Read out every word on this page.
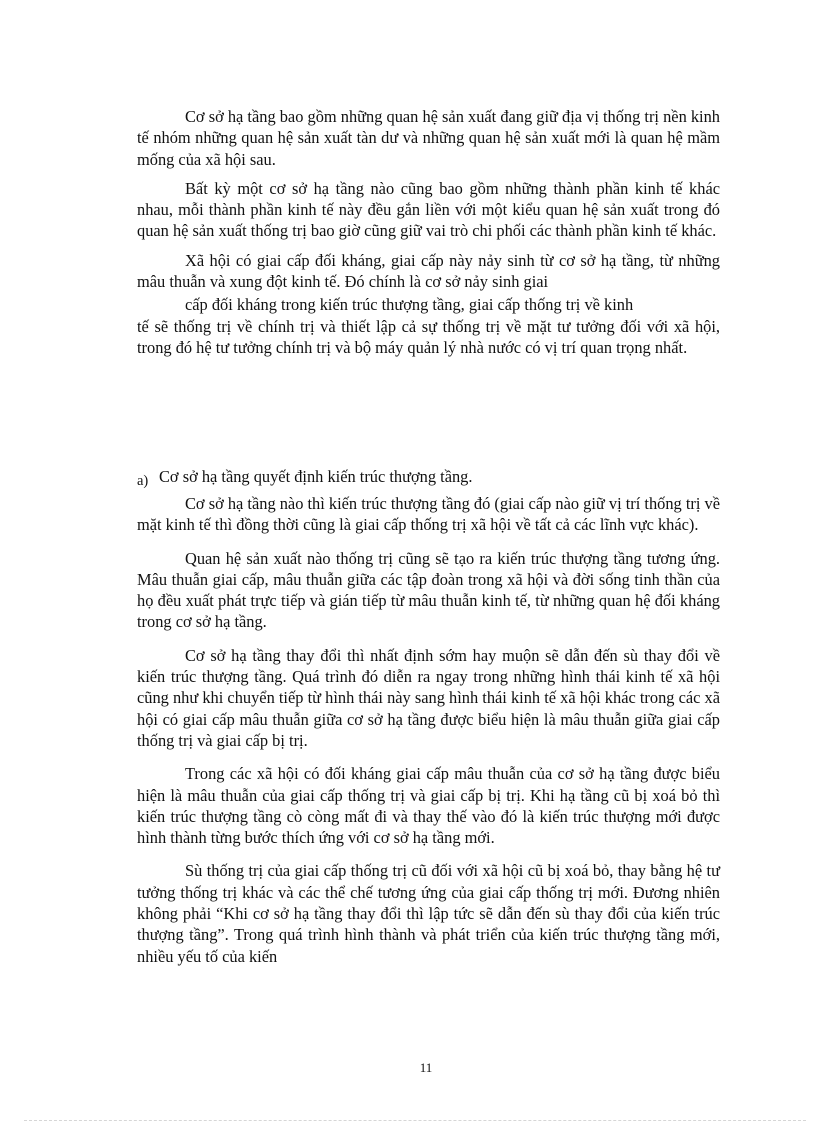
Cơ sở hạ tầng bao gồm những quan hệ sản xuất đang giữ địa vị thống trị nền kinh tế nhóm những quan hệ sản xuất tàn dư và những quan hệ sản xuất mới là quan hệ mầm mống của xã hội sau.

Bất kỳ một cơ sở hạ tầng nào cũng bao gồm những thành phần kinh tế khác nhau, mỗi thành phần kinh tế này đều gắn liền với một kiểu quan hệ sản xuất trong đó quan hệ sản xuất thống trị bao giờ cũng giữ vai trò chi phối các thành phần kinh tế khác.

Xã hội có giai cấp đối kháng, giai cấp này nảy sinh từ cơ sở hạ tầng, từ những mâu thuẫn và xung đột kinh tế. Đó chính là cơ sở nảy sinh giai

cấp đối kháng trong kiến trúc thượng tầng, giai cấp thống trị về kinh
tế sẽ thống trị về chính trị và thiết lập cả sự thống trị về mặt tư tưởng đối với xã hội, trong đó hệ tư tưởng chính trị và bộ máy quản lý nhà nước có vị trí quan trọng nhất.

a) Cơ sở hạ tầng quyết định kiến trúc thượng tầng.

Cơ sở hạ tầng nào thì kiến trúc thượng tầng đó (giai cấp nào giữ vị trí thống trị về mặt kinh tế thì đồng thời cũng là giai cấp thống trị xã hội về tất cả các lĩnh vực khác).

Quan hệ sản xuất nào thống trị cũng sẽ tạo ra kiến trúc thượng tầng tương ứng. Mâu thuẫn giai cấp, mâu thuẫn giữa các tập đoàn trong xã hội và đời sống tinh thần của họ đều xuất phát trực tiếp và gián tiếp từ mâu thuẫn kinh tế, từ những quan hệ đối kháng trong cơ sở hạ tầng.

Cơ sở hạ tầng thay đổi thì nhất định sớm hay muộn sẽ dẫn đến sù thay đổi về kiến trúc thượng tầng. Quá trình đó diễn ra ngay trong những hình thái kinh tế xã hội cũng như khi chuyển tiếp từ hình thái này sang hình thái kinh tế xã hội khác trong các xã hội có giai cấp mâu thuẫn giữa cơ sở hạ tầng được biểu hiện là mâu thuẫn giữa giai cấp thống trị và giai cấp bị trị.

Trong các xã hội có đối kháng giai cấp mâu thuẫn của cơ sở hạ tầng được biểu hiện là mâu thuẫn của giai cấp thống trị và giai cấp bị trị. Khi hạ tầng cũ bị xoá bỏ thì kiến trúc thượng tầng cò còng mất đi và thay thế vào đó là kiến trúc thượng mới được hình thành từng bước thích ứng với cơ sở hạ tầng mới.

Sù thống trị của giai cấp thống trị cũ đối với xã hội cũ bị xoá bỏ, thay bằng hệ tư tưởng thống trị khác và các thể chế tương ứng của giai cấp thống trị mới. Đương nhiên không phải “Khi cơ sở hạ tầng thay đổi thì lập tức sẽ dẫn đến sù thay đổi của kiến trúc thượng tầng”. Trong quá trình hình thành và phát triển của kiến trúc thượng tầng mới, nhiều yếu tố của kiến

11
